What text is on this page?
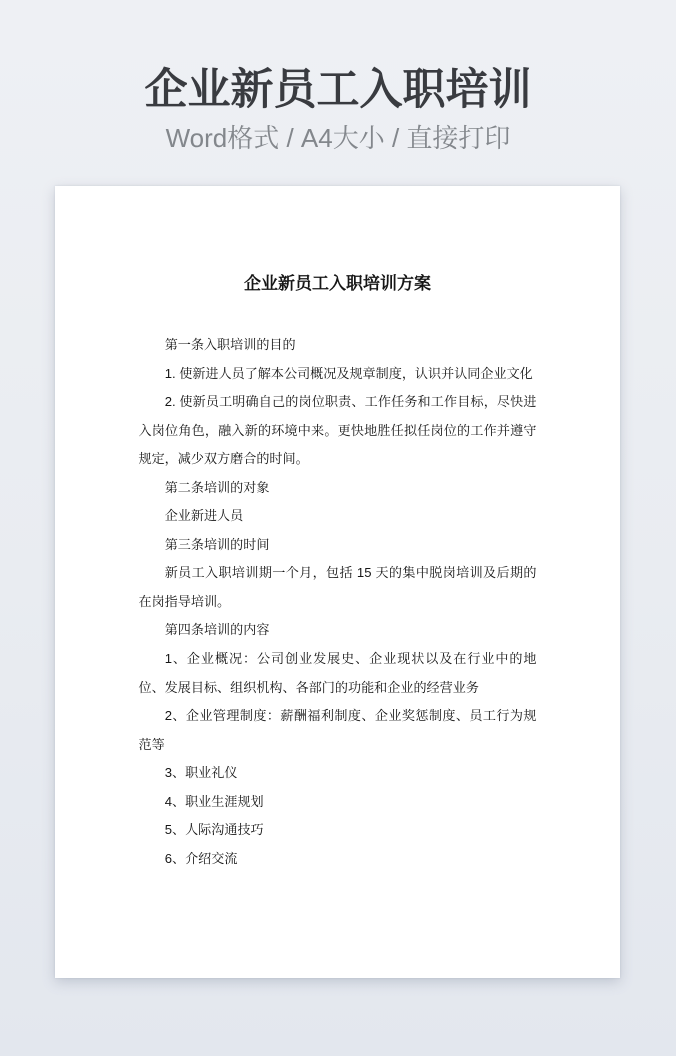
企业新员工入职培训
Word格式 / A4大小 / 直接打印
企业新员工入职培训方案

第一条入职培训的目的

1. 使新进人员了解本公司概况及规章制度，认识并认同企业文化

2. 使新员工明确自己的岗位职责、工作任务和工作目标，尽快进入岗位角色，融入新的环境中来。更快地胜任拟任岗位的工作并遵守规定，减少双方磨合的时间。

第二条培训的对象

企业新进人员

第三条培训的时间

新员工入职培训期一个月，包括 15 天的集中脱岗培训及后期的在岗指导培训。

第四条培训的内容

1、企业概况：公司创业发展史、企业现状以及在行业中的地位、发展目标、组织机构、各部门的功能和企业的经营业务

2、企业管理制度：薪酬福利制度、企业奖惩制度、员工行为规范等

3、职业礼仪

4、职业生涯规划

5、人际沟通技巧

6、介绍交流
